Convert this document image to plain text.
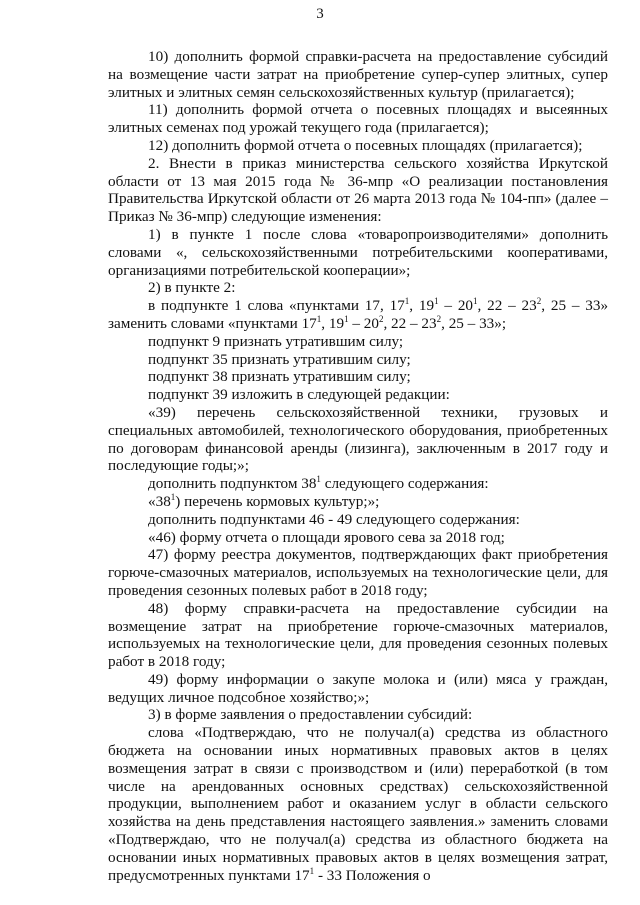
3

10) дополнить формой справки-расчета на предоставление субсидий на возмещение части затрат на приобретение супер-супер элитных, супер элитных и элитных семян сельскохозяйственных культур (прилагается);

11) дополнить формой отчета о посевных площадях и высеянных элитных семенах под урожай текущего года (прилагается);

12) дополнить формой отчета о посевных площадях (прилагается);

2. Внести в приказ министерства сельского хозяйства Иркутской области от 13 мая 2015 года № 36-мпр «О реализации постановления Правительства Иркутской области от 26 марта 2013 года № 104-пп» (далее – Приказ № 36-мпр) следующие изменения:

1) в пункте 1 после слова «товаропроизводителями» дополнить словами «, сельскохозяйственными потребительскими кооперативами, организациями потребительской кооперации»;

2) в пункте 2:

в подпункте 1 слова «пунктами 17, $17^1$, $19^1 - 20^1$, $22 - 23^2$, 25 – 33» заменить словами «пунктами $17^1$, $19^1 - 20^2$, $22 - 23^2$, 25 – 33»;

подпункт 9 признать утратившим силу;

подпункт 35 признать утратившим силу;

подпункт 38 признать утратившим силу;

подпункт 39 изложить в следующей редакции:

«39) перечень сельскохозяйственной техники, грузовых и специальных автомобилей, технологического оборудования, приобретенных по договорам финансовой аренды (лизинга), заключенным в 2017 году и последующие годы;»;

дополнить подпунктом $38^1$ следующего содержания:

«$38^1$) перечень кормовых культур;»;

дополнить подпунктами 46 - 49 следующего содержания:

«46) форму отчета о площади ярового сева за 2018 год;

47) форму реестра документов, подтверждающих факт приобретения горюче-смазочных материалов, используемых на технологические цели, для проведения сезонных полевых работ в 2018 году;

48) форму справки-расчета на предоставление субсидии на возмещение затрат на приобретение горюче-смазочных материалов, используемых на технологические цели, для проведения сезонных полевых работ в 2018 году;

49) форму информации о закупе молока и (или) мяса у граждан, ведущих личное подсобное хозяйство;»;

3) в форме заявления о предоставлении субсидий:

слова «Подтверждаю, что не получал(а) средства из областного бюджета на основании иных нормативных правовых актов в целях возмещения затрат в связи с производством и (или) переработкой (в том числе на арендованных основных средствах) сельскохозяйственной продукции, выполнением работ и оказанием услуг в области сельского хозяйства на день представления настоящего заявления.» заменить словами «Подтверждаю, что не получал(а) средства из областного бюджета на основании иных нормативных правовых актов в целях возмещения затрат, предусмотренных пунктами $17^1 - 33$ Положения о
